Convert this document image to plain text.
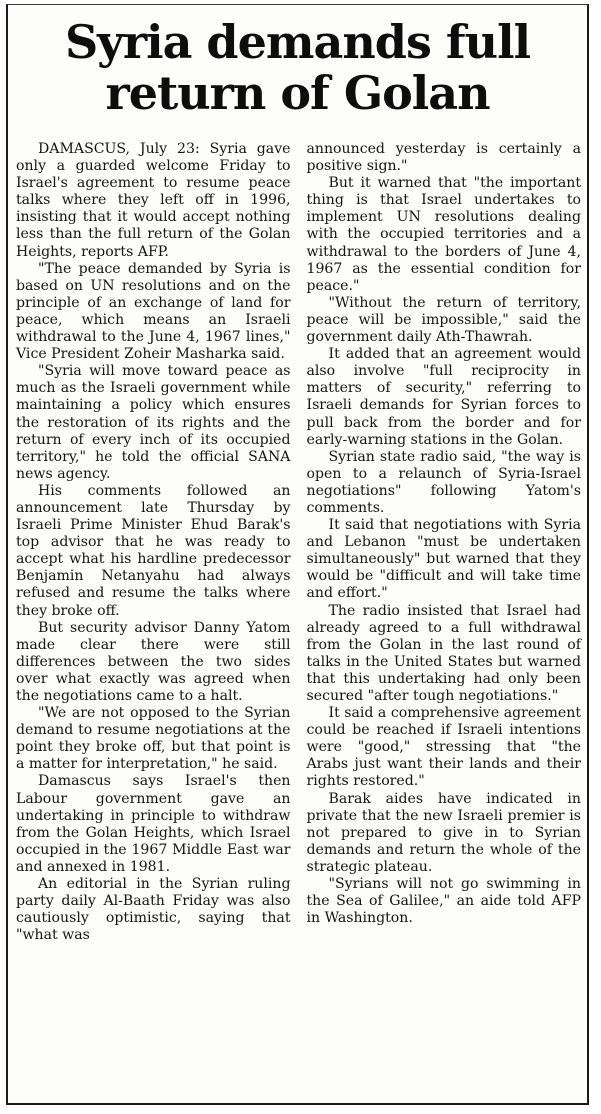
Syria demands full
return of Golan

DAMASCUS, July 23: Syria gave only a guarded welcome Friday to Israel's agreement to resume peace talks where they left off in 1996, insisting that it would accept nothing less than the full return of the Golan Heights, reports AFP.

"The peace demanded by Syria is based on UN resolutions and on the principle of an exchange of land for peace, which means an Israeli withdrawal to the June 4, 1967 lines," Vice President Zoheir Masharka said.

"Syria will move toward peace as much as the Israeli government while maintaining a policy which ensures the restoration of its rights and the return of every inch of its occupied territory," he told the official SANA news agency.

His comments followed an announcement late Thursday by Israeli Prime Minister Ehud Barak's top advisor that he was ready to accept what his hardline predecessor Benjamin Netanyahu had always refused and resume the talks where they broke off.

But security advisor Danny Yatom made clear there were still differences between the two sides over what exactly was agreed when the negotiations came to a halt.

"We are not opposed to the Syrian demand to resume negotiations at the point they broke off, but that point is a matter for interpretation," he said.

Damascus says Israel's then Labour government gave an undertaking in principle to withdraw from the Golan Heights, which Israel occupied in the 1967 Middle East war and annexed in 1981.

An editorial in the Syrian ruling party daily Al-Baath Friday was also cautiously optimistic, saying that "what was

announced yesterday is certainly a positive sign."

But it warned that "the important thing is that Israel undertakes to implement UN resolutions dealing with the occupied territories and a withdrawal to the borders of June 4, 1967 as the essential condition for peace."

"Without the return of territory, peace will be impossible," said the government daily Ath-Thawrah.

It added that an agreement would also involve "full reciprocity in matters of security," referring to Israeli demands for Syrian forces to pull back from the border and for early-warning stations in the Golan.

Syrian state radio said, "the way is open to a relaunch of Syria-Israel negotiations" following Yatom's comments.

It said that negotiations with Syria and Lebanon "must be undertaken simultaneously" but warned that they would be "difficult and will take time and effort."

The radio insisted that Israel had already agreed to a full withdrawal from the Golan in the last round of talks in the United States but warned that this undertaking had only been secured "after tough negotiations."

It said a comprehensive agreement could be reached if Israeli intentions were "good," stressing that "the Arabs just want their lands and their rights restored."

Barak aides have indicated in private that the new Israeli premier is not prepared to give in to Syrian demands and return the whole of the strategic plateau.

"Syrians will not go swimming in the Sea of Galilee," an aide told AFP in Washington.
